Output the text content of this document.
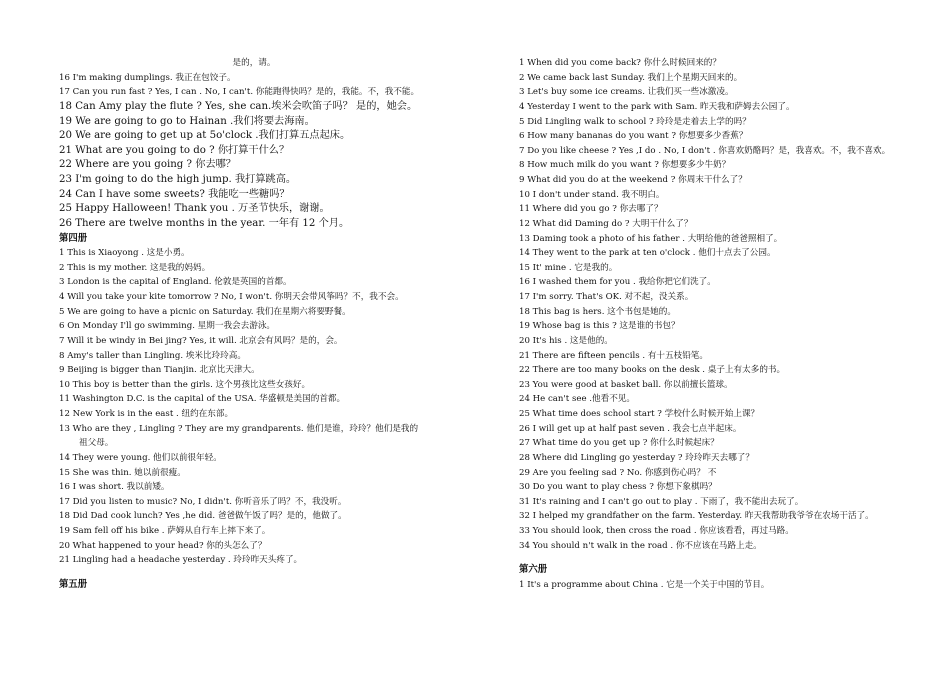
是的，请。
16 I'm making dumplings. 我正在包饺子。
17 Can you run fast ? Yes, I can . No, I can't. 你能跑得快吗？是的，我能。不，我不能。
18 Can Amy play the flute ? Yes, she can.埃米会吹笛子吗？ 是的，她会。
19 We are going to go to Hainan .我们将要去海南。
20 We are going to get up at 5o'clock .我们打算五点起床。
21 What are you going to do ? 你打算干什么？
22 Where are you going ? 你去哪？
23 I'm going to do the high jump. 我打算跳高。
24 Can I have some sweets? 我能吃一些糖吗？
25 Happy Halloween! Thank you . 万圣节快乐，谢谢。
26 There are twelve months in the year. 一年有 12 个月。
第四册
1 This is Xiaoyong . 这是小勇。
2 This is my mother. 这是我的妈妈。
3 London is the capital of England. 伦敦是英国的首都。
4 Will you take your kite tomorrow ? No, I won't. 你明天会带风筝吗？不，我不会。
5 We are going to have a picnic on Saturday. 我们在星期六将要野餐。
6 On Monday I'll go swimming. 星期一我会去游泳。
7 Will it be windy in Bei jing? Yes, it will. 北京会有风吗？是的，会。
8 Amy's taller than Lingling. 埃米比玲玲高。
9 Beijing is bigger than Tianjin. 北京比天津大。
10 This boy is better than the girls. 这个男孩比这些女孩好。
11 Washington D.C. is the capital of the USA. 华盛顿是美国的首都。
12 New York is in the east . 纽约在东部。
13 Who are they , Lingling ? They are my grandparents. 他们是谁，玲玲？他们是我的
祖父母。
14 They were young. 他们以前很年轻。
15 She was thin. 她以前很瘦。
16 I was short. 我以前矮。
17 Did you listen to music? No, I didn't. 你听音乐了吗？不，我没听。
18 Did Dad cook lunch? Yes ,he did. 爸爸做午饭了吗？是的，他做了。
19 Sam fell off his bike . 萨姆从自行车上摔下来了。
20 What happened to your head? 你的头怎么了？
21 Lingling had a headache yesterday . 玲玲昨天头疼了。
第五册
1 When did you come back? 你什么时候回来的？
2 We came back last Sunday. 我们上个星期天回来的。
3 Let's buy some ice creams. 让我们买一些冰激凌。
4 Yesterday I went to the park with Sam. 昨天我和萨姆去公园了。
5 Did Lingling walk to school ? 玲玲是走着去上学的吗？
6 How many bananas do you want ? 你想要多少香蕉？
7 Do you like cheese ? Yes ,I do . No, I don't . 你喜欢奶酪吗？是，我喜欢。不，我不喜欢。
8 How much milk do you want ? 你想要多少牛奶？
9 What did you do at the weekend ? 你周末干什么了？
10 I don't under stand. 我不明白。
11 Where did you go ? 你去哪了？
12 What did Daming do ? 大明干什么了？
13 Daming took a photo of his father . 大明给他的爸爸照相了。
14 They went to the park at ten o'clock . 他们十点去了公园。
15 It' mine . 它是我的。
16 I washed them for you . 我给你把它们洗了。
17 I'm sorry. That's OK. 对不起，没关系。
18 This bag is hers. 这个书包是她的。
19 Whose bag is this ? 这是谁的书包？
20 It's his . 这是他的。
21 There are fifteen pencils . 有十五枝铅笔。
22 There are too many books on the desk . 桌子上有太多的书。
23 You were good at basket ball. 你以前擅长篮球。
24 He can't see .他看不见。
25 What time does school start ? 学校什么时候开始上课？
26 I will get up at half past seven . 我会七点半起床。
27 What time do you get up ? 你什么时候起床？
28 Where did Lingling go yesterday ? 玲玲昨天去哪了？
29 Are you feeling sad ? No. 你感到伤心吗？ 不
30 Do you want to play chess ? 你想下象棋吗？
31 It's raining and I can't go out to play . 下雨了，我不能出去玩了。
32 I helped my grandfather on the farm. Yesterday. 昨天我帮助我爷爷在农场干活了。
33 You should look, then cross the road . 你应该看看，再过马路。
34 You should n't walk in the road . 你不应该在马路上走。
第六册
1 It's a programme about China . 它是一个关于中国的节目。
